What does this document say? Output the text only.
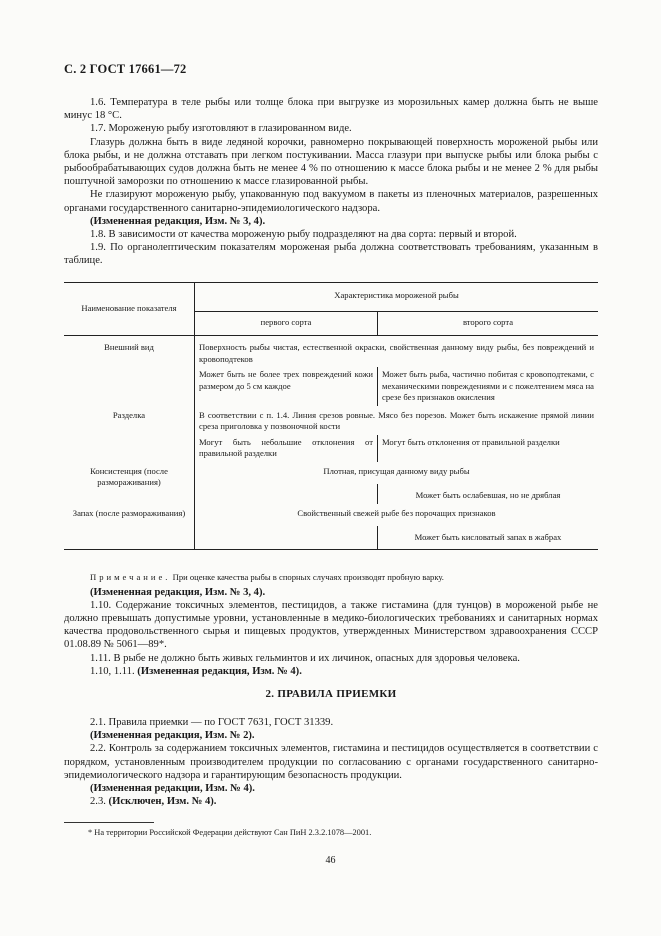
С. 2 ГОСТ 17661—72

1.6. Температура в теле рыбы или толще блока при выгрузке из морозильных камер должна быть не выше минус 18 °С.

1.7. Мороженую рыбу изготовляют в глазированном виде.

Глазурь должна быть в виде ледяной корочки, равномерно покрывающей поверхность мороженой рыбы или блока рыбы, и не должна отставать при легком постукивании. Масса глазури при выпуске рыбы или блока рыбы с рыбообрабатывающих судов должна быть не менее 4 % по отношению к массе блока рыбы и не менее 2 % для рыбы поштучной заморозки по отношению к массе глазированной рыбы.

Не глазируют мороженую рыбу, упакованную под вакуумом в пакеты из пленочных материалов, разрешенных органами государственного санитарно-эпидемиологического надзора.

(Измененная редакция, Изм. № 3, 4).

1.8. В зависимости от качества мороженую рыбу подразделяют на два сорта: первый и второй.

1.9. По органолептическим показателям мороженая рыба должна соответствовать требованиям, указанным в таблице.

Наименование показателя	Характеристика мороженой рыбы	
	первого сорта	второго сорта
Внешний вид	Поверхность рыбы чистая, естественной окраски, свойственная данному виду рыбы, без повреждений и кровоподтеков	
	Может быть не более трех повреждений кожи размером до 5 см каждое	Может быть рыба, частично побитая с кровоподтеками, с механическими повреждениями и с пожелтением мяса на срезе без признаков окисления
Разделка	В соответствии с п. 1.4. Линия срезов ровные. Мясо без порезов. Может быть искажение прямой линии среза приголовка у позвоночной кости	
	Могут быть небольшие отклонения от правильной разделки	Могут быть отклонения от правильной разделки
Консистенция (после размораживания)	Плотная, присущая данному виду рыбы	
		Может быть ослабевшая, но не дряблая
Запах (после размораживания)	Свойственный свежей рыбе без порочащих признаков	
		Может быть кисловатый запах в жабрах

Примечание. При оценке качества рыбы в спорных случаях производят пробную варку.

(Измененная редакция, Изм. № 3, 4).

1.10. Содержание токсичных элементов, пестицидов, а также гистамина (для тунцов) в мороженой рыбе не должно превышать допустимые уровни, установленные в медико-биологических требованиях и санитарных нормах качества продовольственного сырья и пищевых продуктов, утвержденных Министерством здравоохранения СССР 01.08.89 № 5061—89*.

1.11. В рыбе не должно быть живых гельминтов и их личинок, опасных для здоровья человека.

1.10, 1.11. (Измененная редакция, Изм. № 4).

2. ПРАВИЛА ПРИЕМКИ

2.1. Правила приемки — по ГОСТ 7631, ГОСТ 31339.

(Измененная редакция, Изм. № 2).

2.2. Контроль за содержанием токсичных элементов, гистамина и пестицидов осуществляется в соответствии с порядком, установленным производителем продукции по согласованию с органами государственного санитарно-эпидемиологического надзора и гарантирующим безопасность продукции.

(Измененная редакции, Изм. № 4).

2.3. (Исключен, Изм. № 4).

* На территории Российской Федерации действуют Сан ПиН 2.3.2.1078—2001.
46
